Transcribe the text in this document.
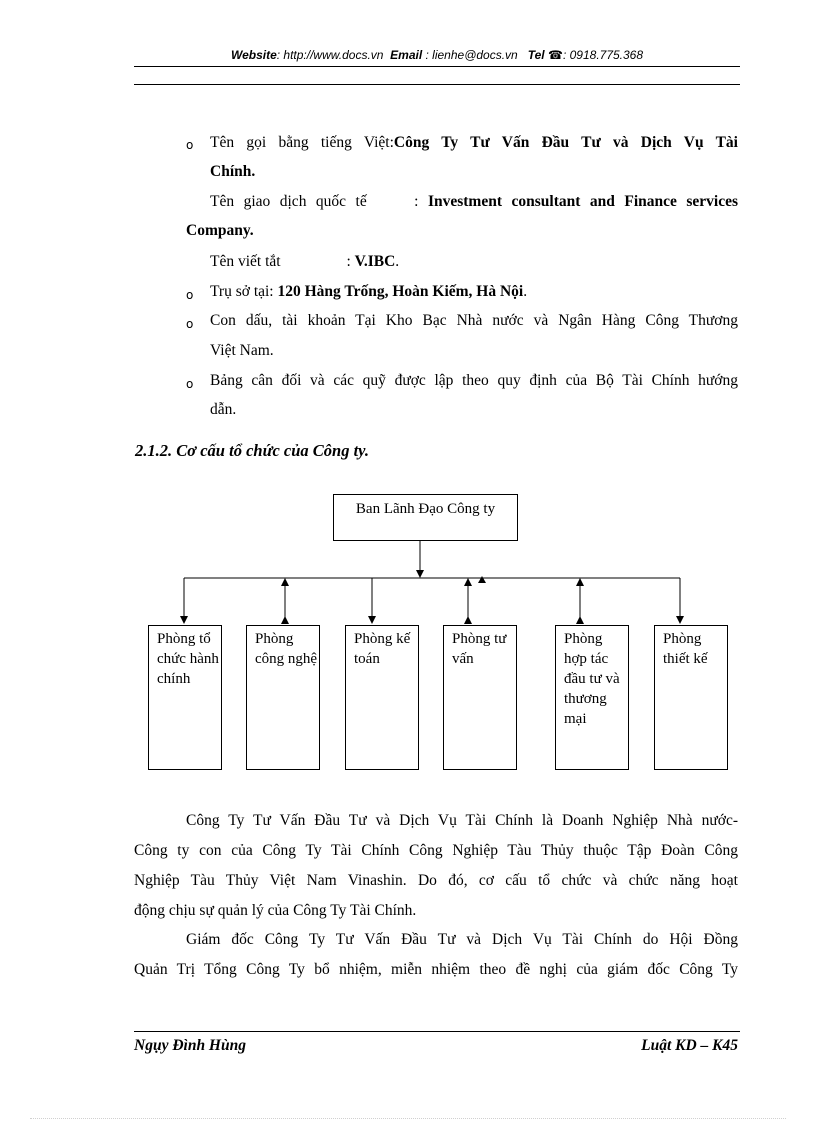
Website: http://www.docs.vn Email : lienhe@docs.vn Tel ☎: 0918.775.368
o Tên gọi bằng tiếng Việt:Công Ty Tư Vấn Đầu Tư và Dịch Vụ Tài
Chính.
Tên giao dịch quốc tế     : Investment consultant and Finance services
Company.
Tên viết tắt                 : V.IBC.
o Trụ sở tại: 120 Hàng Trống, Hoàn Kiếm, Hà Nội.
o Con dấu, tài khoản Tại Kho Bạc Nhà nước và Ngân Hàng Công Thương
Việt Nam.
o Bảng cân đối và các quỹ được lập theo quy định của Bộ Tài Chính hướng
dẫn.
2.1.2. Cơ cấu tổ chức của Công ty.
Ban Lãnh Đạo Công ty
Phòng tổ chức hành chính
Phòng công nghệ
Phòng kế toán
Phòng tư vấn
Phòng hợp tác đầu tư và thương mại
Phòng thiết kế
Công Ty Tư Vấn Đầu Tư và Dịch Vụ Tài Chính là Doanh Nghiệp Nhà nước-
Công ty con của Công Ty Tài Chính Công Nghiệp Tàu Thủy thuộc Tập Đoàn Công
Nghiệp Tàu Thủy Việt Nam Vinashin. Do đó, cơ cấu tổ chức và chức năng hoạt
động chịu sự quản lý của Công Ty Tài Chính.
Giám đốc Công Ty Tư Vấn Đầu Tư và Dịch Vụ Tài Chính do Hội Đồng
Quản Trị Tổng Công Ty bổ nhiệm, miễn nhiệm theo đề nghị của giám đốc Công Ty
Ngụy Đình Hùng	Luật KD – K45
